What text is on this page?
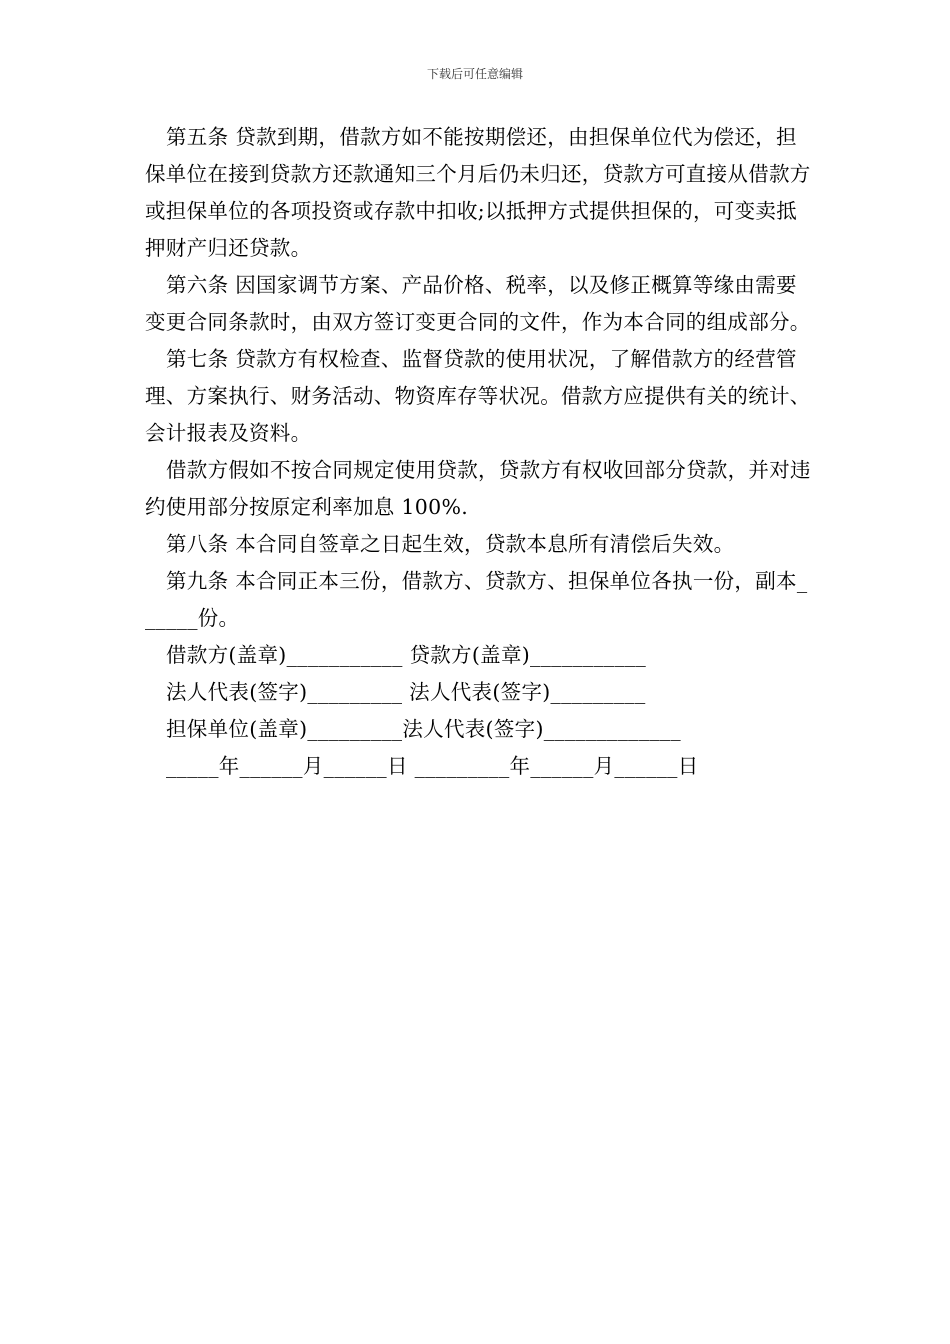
下载后可任意编辑

第五条 贷款到期，借款方如不能按期偿还，由担保单位代为偿还，担保单位在接到贷款方还款通知三个月后仍未归还，贷款方可直接从借款方或担保单位的各项投资或存款中扣收;以抵押方式提供担保的，可变卖抵押财产归还贷款。

第六条 因国家调节方案、产品价格、税率，以及修正概算等缘由需要变更合同条款时，由双方签订变更合同的文件，作为本合同的组成部分。

第七条 贷款方有权检查、监督贷款的使用状况，了解借款方的经营管理、方案执行、财务活动、物资库存等状况。借款方应提供有关的统计、会计报表及资料。

借款方假如不按合同规定使用贷款，贷款方有权收回部分贷款，并对违约使用部分按原定利率加息 100%.

第八条 本合同自签章之日起生效，贷款本息所有清偿后失效。

第九条 本合同正本三份，借款方、贷款方、担保单位各执一份，副本______份。

借款方(盖章)___________ 贷款方(盖章)___________

法人代表(签字)_________ 法人代表(签字)_________

担保单位(盖章)_________法人代表(签字)_____________

_____年______月______日 _________年______月______日
